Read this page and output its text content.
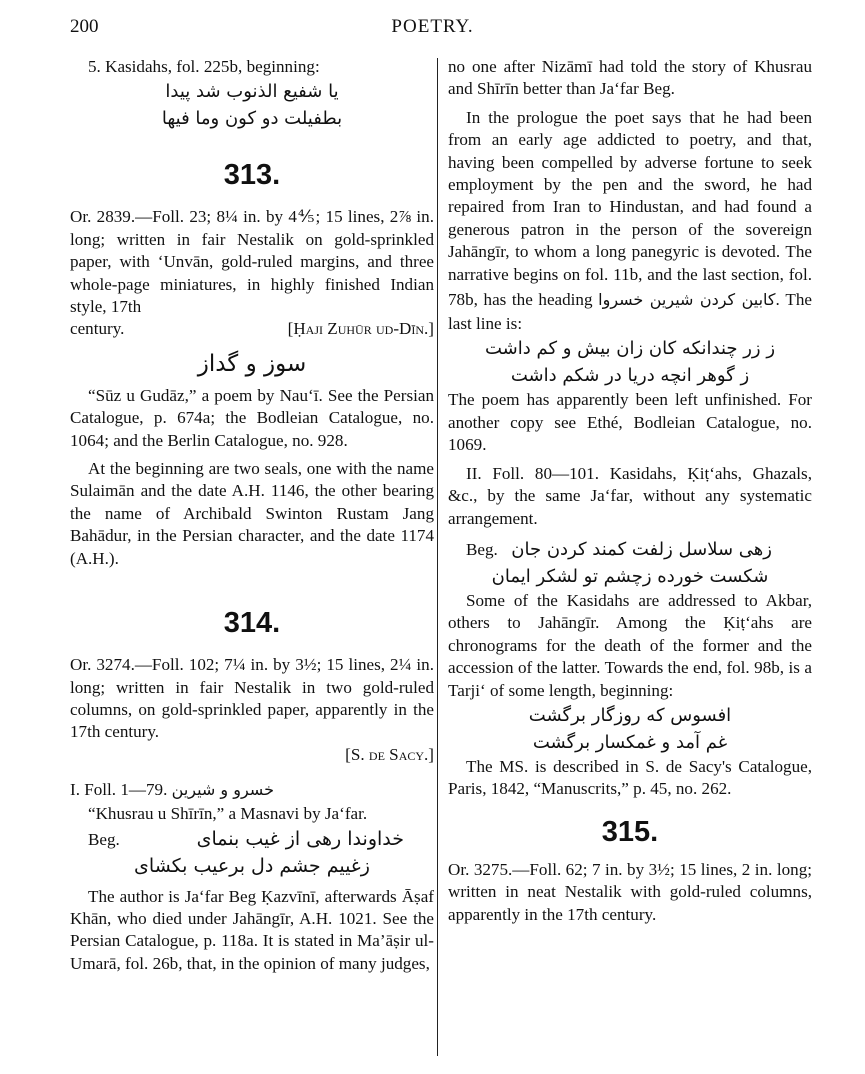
200	POETRY.

5. Kasidahs, fol. 225b, beginning:

یا شفیع الذنوب شد پیدا
بطفیلت دو کون وما فیها
313.

Or. 2839.—Foll. 23; 8¼ in. by 4⅘; 15 lines, 2⅞ in. long; written in fair Nestalik on gold-sprinkled paper, with ‘Unvān, gold-ruled margins, and three whole-page miniatures, in highly finished Indian style, 17th

century.	[Ḥaji Zuhūr ud-Dīn.]
سوز و گداز

“Sūz u Gudāz,” a poem by Nau‘ī. See the Persian Catalogue, p. 674a; the Bodleian Catalogue, no. 1064; and the Berlin Catalogue, no. 928.

At the beginning are two seals, one with the name Sulaimān and the date A.H. 1146, the other bearing the name of Archibald Swinton Rustam Jang Bahādur, in the Persian character, and the date 1174 (A.H.).

314.

Or. 3274.—Foll. 102; 7¼ in. by 3½; 15 lines, 2¼ in. long; written in fair Nestalik in two gold-ruled columns, on gold-sprinkled paper, apparently in the 17th century.

[S. de Sacy.]
I. Foll. 1—79. خسرو و شیرین

“Khusrau u Shīrīn,” a Masnavi by Ja‘far.

Beg.	خداوندا رهی از غیب بنمای
زغییم جشم دل برعیب بکشای

The author is Ja‘far Beg Ḳazvīnī, afterwards Āṣaf Khān, who died under Jahāngīr, A.H. 1021. See the Persian Catalogue, p. 118a. It is stated in Ma’āṣir ul-Umarā, fol. 26b, that, in the opinion of many judges,

no one after Nizāmī had told the story of Khusrau and Shīrīn better than Ja‘far Beg.

In the prologue the poet says that he had been from an early age addicted to poetry, and that, having been compelled by adverse fortune to seek employment by the pen and the sword, he had repaired from Iran to Hindustan, and had found a generous patron in the person of the sovereign Jahāngīr, to whom a long panegyric is devoted. The narrative begins on fol. 11b, and the last section, fol. 78b, has the heading کابین کردن شیرین خسروا. The last line is:

ز زر چندانکه کان زان بیش و کم داشت
ز گوهر انچه دریا در شکم داشت

The poem has apparently been left unfinished. For another copy see Ethé, Bodleian Catalogue, no. 1069.

II. Foll. 80—101. Kasidahs, Ḳiṭ‘ahs, Ghazals, &c., by the same Ja‘far, without any systematic arrangement.

Beg. زهی سلاسل زلفت کمند کردن جان
شکست خورده زچشم تو لشکر ایمان

Some of the Kasidahs are addressed to Akbar, others to Jahāngīr. Among the Ḳiṭ‘ahs are chronograms for the death of the former and the accession of the latter. Towards the end, fol. 98b, is a Tarji‘ of some length, beginning:

افسوس که روزگار برگشت
غم آمد و غمکسار برگشت

The MS. is described in S. de Sacy's Catalogue, Paris, 1842, “Manuscrits,” p. 45, no. 262.

315.

Or. 3275.—Foll. 62; 7 in. by 3½; 15 lines, 2 in. long; written in neat Nestalik with gold-ruled columns, apparently in the 17th century.
